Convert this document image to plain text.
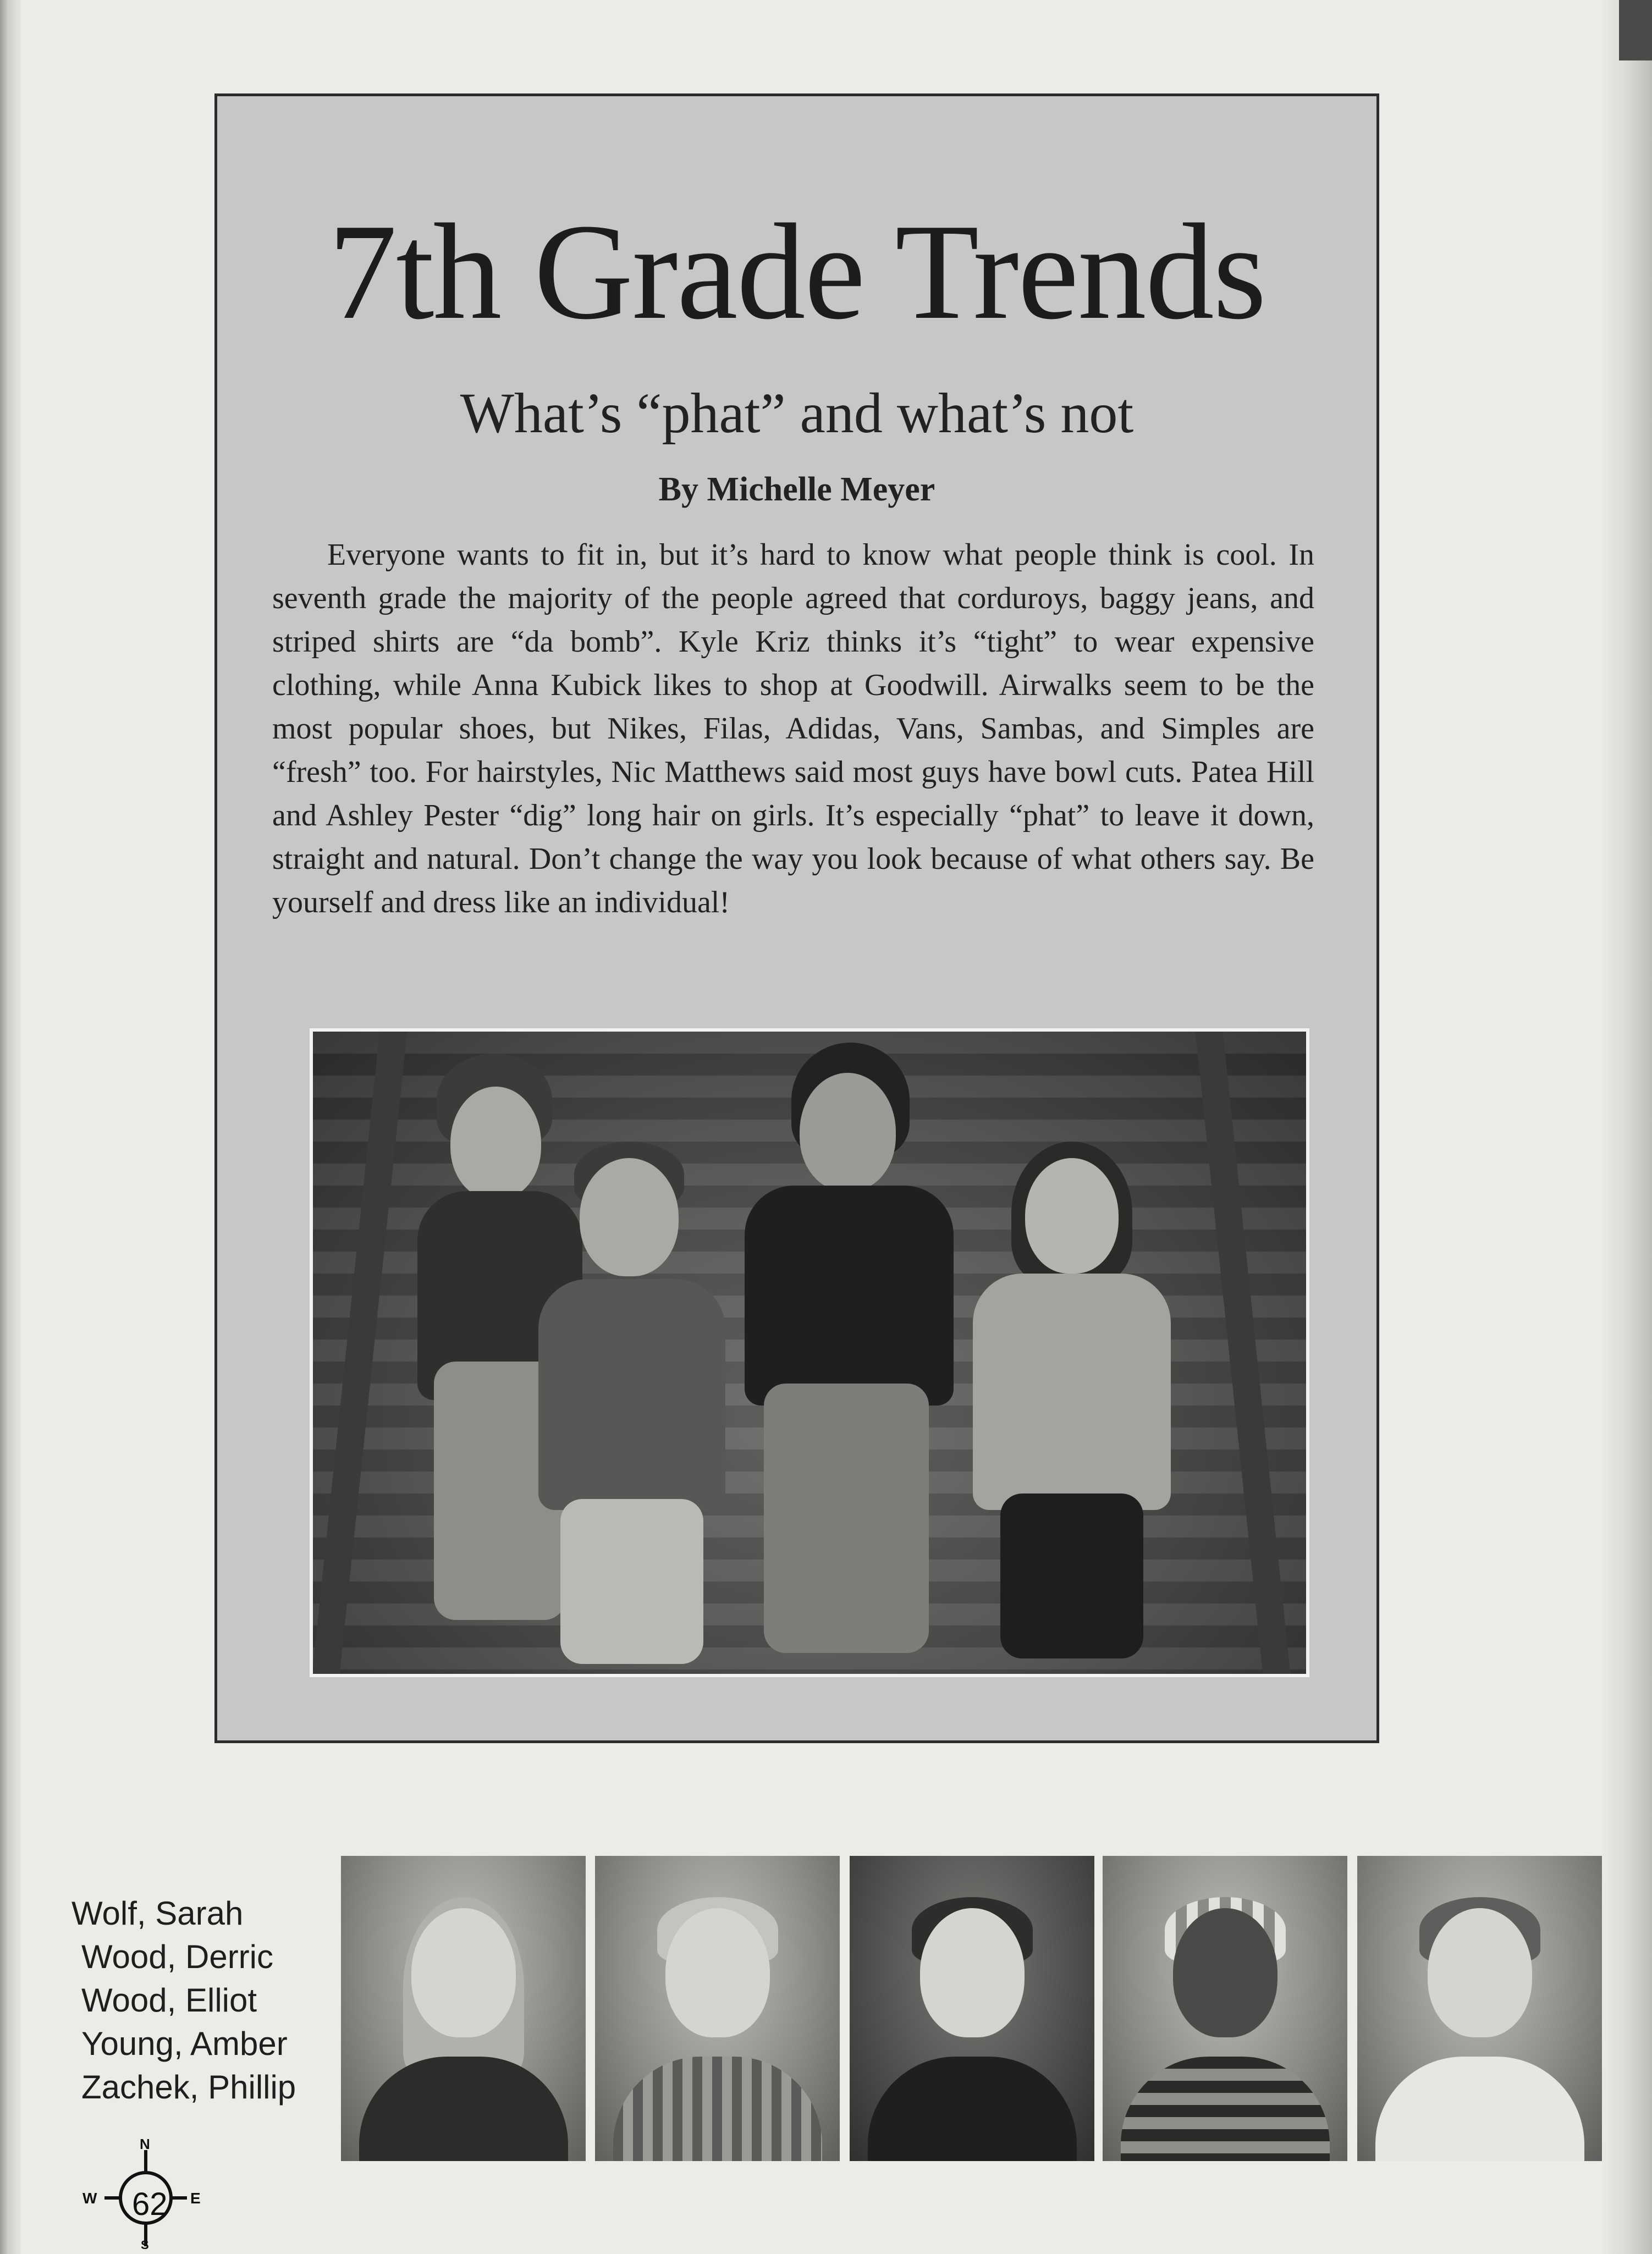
7th Grade Trends
What’s “phat” and what’s not
By Michelle Meyer

Everyone wants to fit in, but it’s hard to know what people think is cool. In seventh grade the majority of the people agreed that corduroys, baggy jeans, and striped shirts are “da bomb”. Kyle Kriz thinks it’s “tight” to wear expensive clothing, while Anna Kubick likes to shop at Goodwill. Airwalks seem to be the most popular shoes, but Nikes, Filas, Adidas, Vans, Sambas, and Simples are “fresh” too. For hairstyles, Nic Matthews said most guys have bowl cuts. Patea Hill and Ashley Pester “dig” long hair on girls. It’s especially “phat” to leave it down, straight and natural. Don’t change the way you look because of what others say. Be yourself and dress like an individual!

Wolf, Sarah
Wood, Derric
Wood, Elliot
Young, Amber
Zachek, Phillip
N
W	E
S
62
